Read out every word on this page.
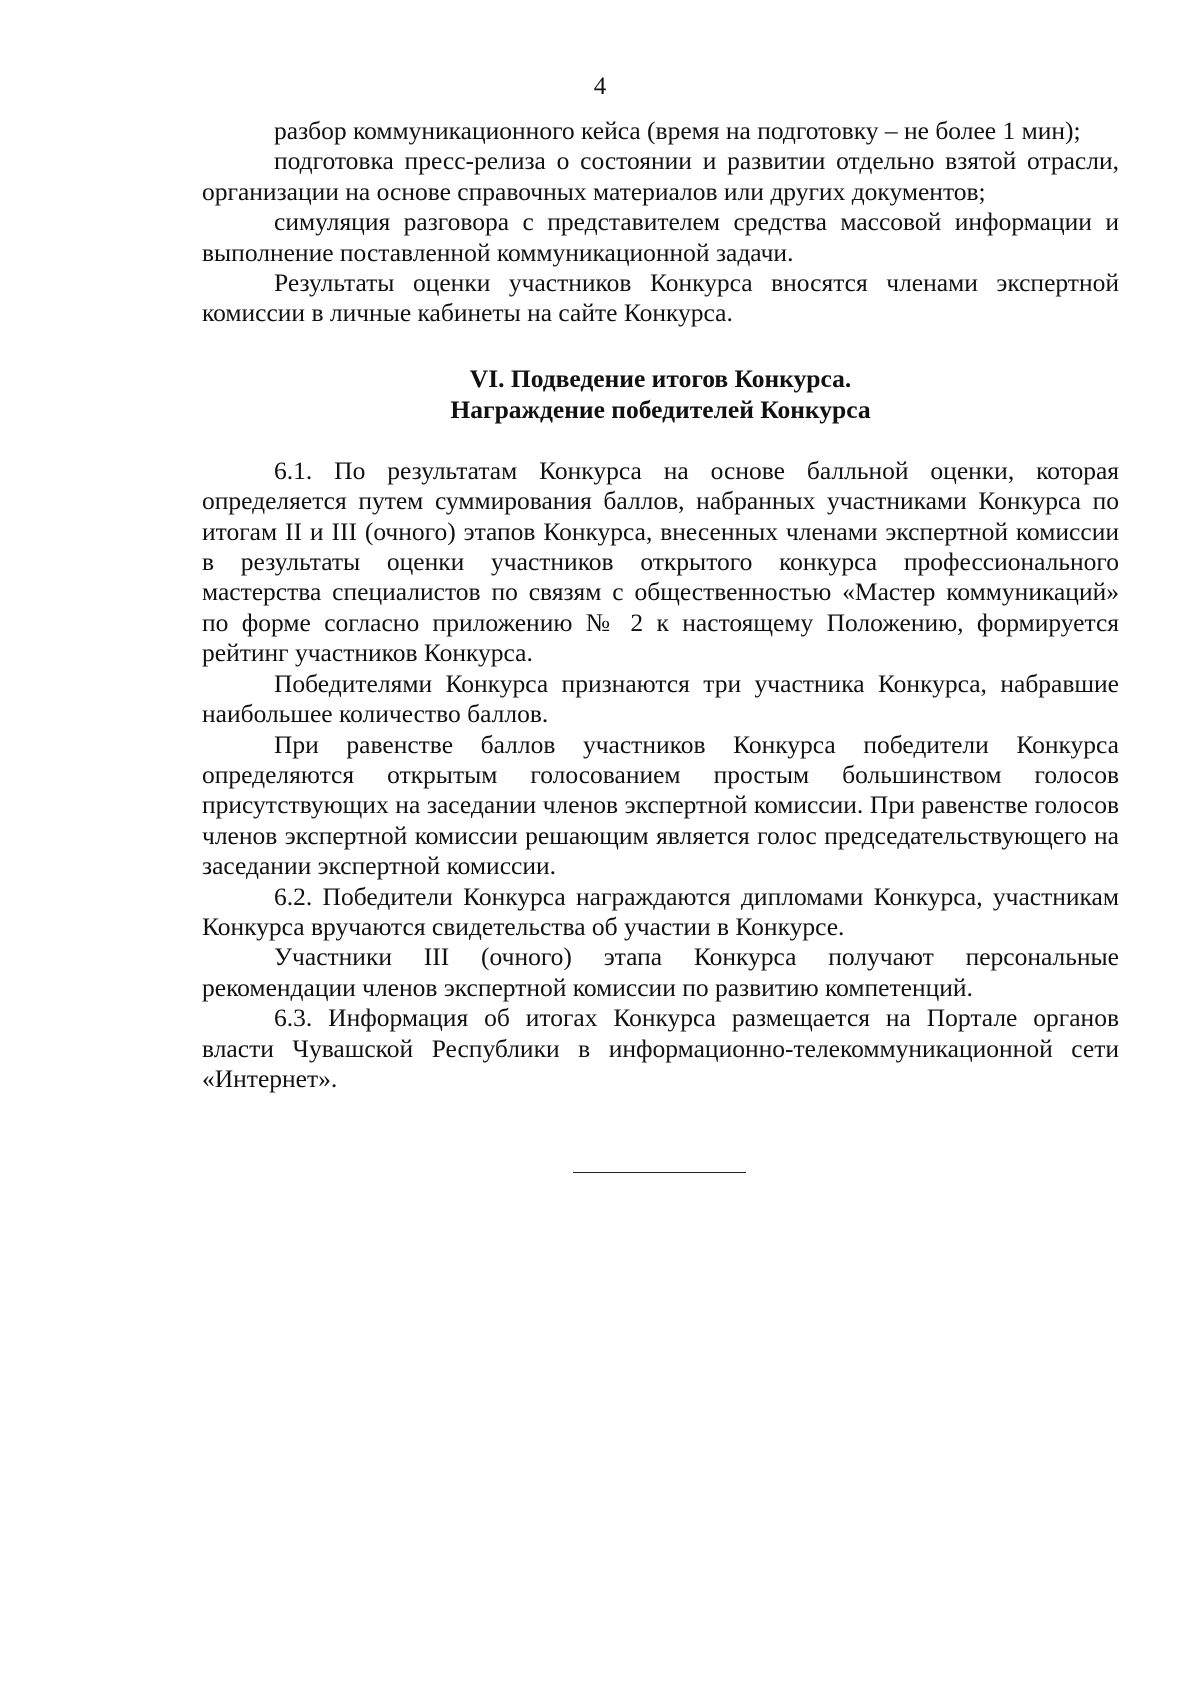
4

разбор коммуникационного кейса (время на подготовку – не более 1 мин);

подготовка пресс-релиза о состоянии и развитии отдельно взятой отрасли, организации на основе справочных материалов или других документов;

симуляция разговора с представителем средства массовой информации и выполнение поставленной коммуникационной задачи.

Результаты оценки участников Конкурса вносятся членами экспертной комиссии в личные кабинеты на сайте Конкурса.

VI. Подведение итогов Конкурса.
Награждение победителей Конкурса

6.1. По результатам Конкурса на основе балльной оценки, которая определяется путем суммирования баллов, набранных участниками Конкурса по итогам II и III (очного) этапов Конкурса, внесенных членами экспертной комиссии в результаты оценки участников открытого конкурса профессионального мастерства специалистов по связям с общественностью «Мастер коммуникаций» по форме согласно приложению № 2 к настоящему Положению, формируется рейтинг участников Конкурса.

Победителями Конкурса признаются три участника Конкурса, набравшие наибольшее количество баллов.

При равенстве баллов участников Конкурса победители Конкурса определяются открытым голосованием простым большинством голосов присутствующих на заседании членов экспертной комиссии. При равенстве голосов членов экспертной комиссии решающим является голос председательствующего на заседании экспертной комиссии.

6.2. Победители Конкурса награждаются дипломами Конкурса, участникам Конкурса вручаются свидетельства об участии в Конкурсе.

Участники III (очного) этапа Конкурса получают персональные рекомендации членов экспертной комиссии по развитию компетенций.

6.3. Информация об итогах Конкурса размещается на Портале органов власти Чувашской Республики в информационно-телекоммуникационной сети «Интернет».
